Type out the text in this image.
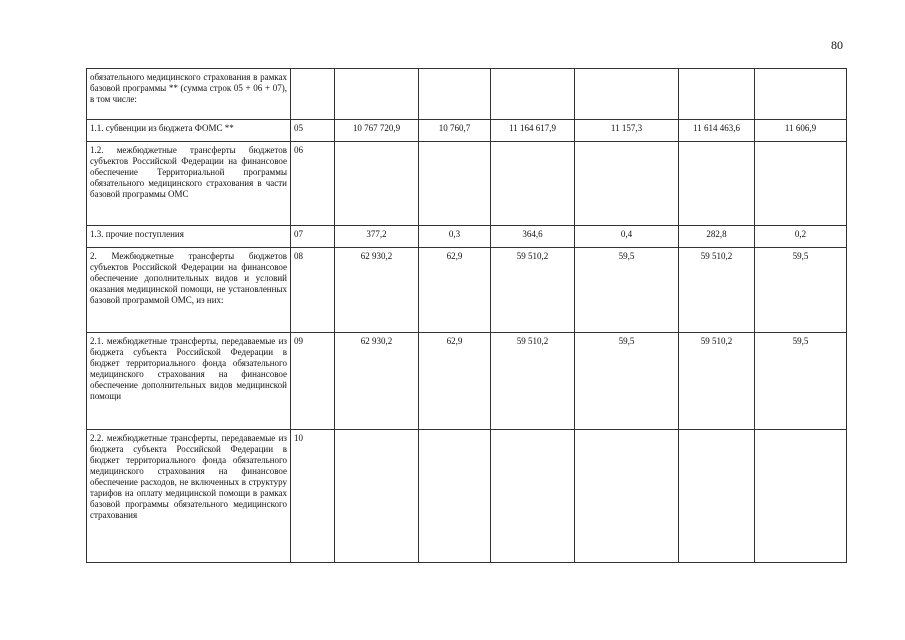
80
обязательного медицинского страхования в рамках базовой программы ** (сумма строк 05 + 06 + 07), в том числе:							
1.1. субвенции из бюджета ФОМС **	05	10 767 720,9	10 760,7	11 164 617,9	11 157,3	11 614 463,6	11 606,9
1.2. межбюджетные трансферты бюджетов субъектов Российской Федерации на финансовое обеспечение Территориальной программы обязательного медицинского страхования в части базовой программы ОМС	06						
1.3. прочие поступления	07	377,2	0,3	364,6	0,4	282,8	0,2
2. Межбюджетные трансферты бюджетов субъектов Российской Федерации на финансовое обеспечение дополнительных видов и условий оказания медицинской помощи, не установленных базовой программой ОМС, из них:	08	62 930,2	62,9	59 510,2	59,5	59 510,2	59,5
2.1. межбюджетные трансферты, передаваемые из бюджета субъекта Российской Федерации в бюджет территориального фонда обязательного медицинского страхования на финансовое обеспечение дополнительных видов медицинской помощи	09	62 930,2	62,9	59 510,2	59,5	59 510,2	59,5
2.2. межбюджетные трансферты, передаваемые из бюджета субъекта Российской Федерации в бюджет территориального фонда обязательного медицинского страхования на финансовое обеспечение расходов, не включенных в структуру тарифов на оплату медицинской помощи в рамках базовой программы обязательного медицинского страхования	10						
